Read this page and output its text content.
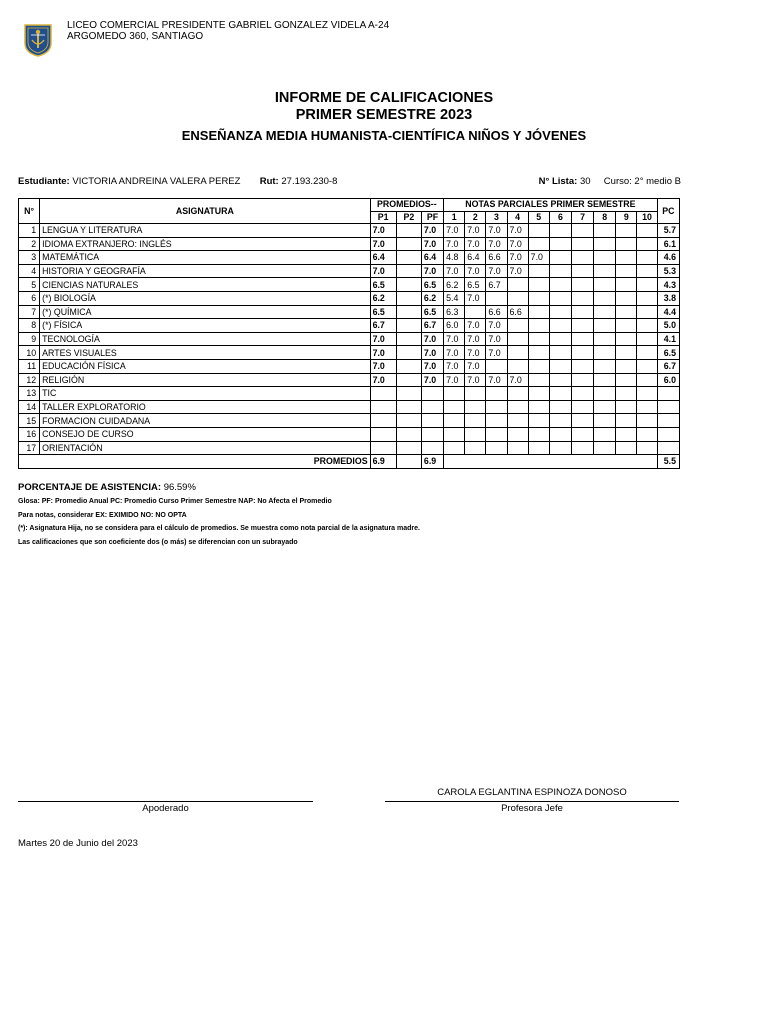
LICEO COMERCIAL PRESIDENTE GABRIEL GONZALEZ VIDELA A-24
ARGOMEDO 360, SANTIAGO
INFORME DE CALIFICACIONES
PRIMER SEMESTRE 2023
ENSEÑANZA MEDIA HUMANISTA-CIENTÍFICA NIÑOS Y JÓVENES
Estudiante: VICTORIA ANDREINA VALERA PEREZ Rut: 27.193.230-8	N° Lista: 30 Curso: 2° medio B
N°	ASIGNATURA	PROMEDIOS--			NOTAS PARCIALES PRIMER SEMESTRE										PC
		P1	P2	PF	1	2	3	4	5	6	7	8	9	10	
1	LENGUA Y LITERATURA	7.0		7.0	7.0	7.0	7.0	7.0							5.7
2	IDIOMA EXTRANJERO: INGLÉS	7.0		7.0	7.0	7.0	7.0	7.0							6.1
3	MATEMÁTICA	6.4		6.4	4.8	6.4	6.6	7.0	7.0						4.6
4	HISTORIA Y GEOGRAFÍA	7.0		7.0	7.0	7.0	7.0	7.0							5.3
5	CIENCIAS NATURALES	6.5		6.5	6.2	6.5	6.7								4.3
6	(*) BIOLOGÍA	6.2		6.2	5.4	7.0									3.8
7	(*) QUÍMICA	6.5		6.5	6.3		6.6	6.6							4.4
8	(*) FÍSICA	6.7		6.7	6.0	7.0	7.0								5.0
9	TECNOLOGÍA	7.0		7.0	7.0	7.0	7.0								4.1
10	ARTES VISUALES	7.0		7.0	7.0	7.0	7.0								6.5
11	EDUCACIÓN FÍSICA	7.0		7.0	7.0	7.0									6.7
12	RELIGIÓN	7.0		7.0	7.0	7.0	7.0	7.0							6.0
13	TIC														
14	TALLER EXPLORATORIO														
15	FORMACION CUIDADANA														
16	CONSEJO DE CURSO														
17	ORIENTACIÓN														
PROMEDIOS		6.9		6.9											5.5
PORCENTAJE DE ASISTENCIA: 96.59%
Glosa: PF: Promedio Anual PC: Promedio Curso Primer Semestre NAP: No Afecta el Promedio
Para notas, considerar EX: EXIMIDO NO: NO OPTA
(*): Asignatura Hija, no se considera para el cálculo de promedios. Se muestra como nota parcial de la asignatura madre.
Las calificaciones que son coeficiente dos (o más) se diferencian con un subrayado
Apoderado
CAROLA EGLANTINA ESPINOZA DONOSO
Profesora Jefe
Martes 20 de Junio del 2023
